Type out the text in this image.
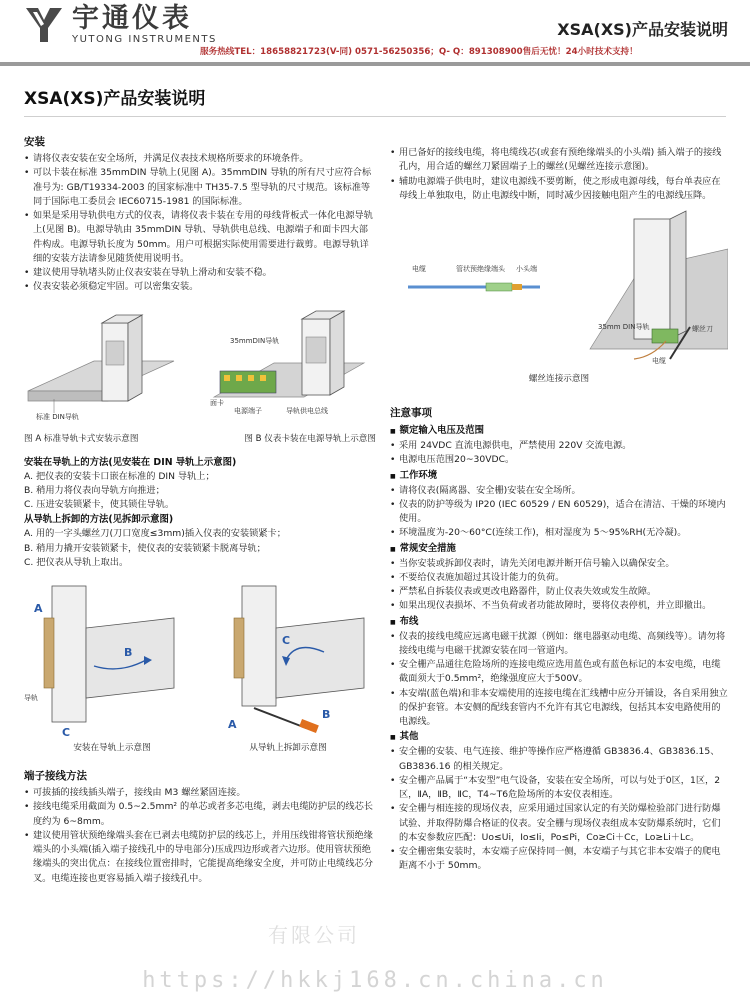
宇通仪表
YUTONG INSTRUMENTS
服务热线TEL：18658821723(V-同) 0571-56250356；Q- Q：891308900售后无忧！24小时技术支持！
XSA(XS)产品安装说明
XSA(XS)产品安装说明
安装
• 请将仪表安装在安全场所，并满足仪表技术规格所要求的环境条件。
• 可以卡装在标准 35mmDIN 导轨上(见图 A)。35mmDIN 导轨的所有尺寸应符合标准号为: GB/T19334-2003 的国家标准中 TH35-7.5 型导轨的尺寸规范。该标准等同于国际电工委员会 IEC60715-1981 的国际标准。
• 如果是采用导轨供电方式的仪表，请将仪表卡装在专用的母线背板式一体化电源导轨上(见图 B)。电源导轨由 35mmDIN 导轨、导轨供电总线、电源端子和面卡四大部件构成。电源导轨长度为 50mm。用户可根据实际使用需要进行裁剪。电源导轨详细的安装方法请参见随货使用说明书。
• 建议使用导轨堵头防止仪表安装在导轨上滑动和安装不稳。
• 仪表安装必须稳定牢固。可以密集安装。
标准 DIN导轨
35mmDIN导轨
电源端子
面卡
导轨供电总线
图 A 标准导轨卡式安装示意图	图 B 仪表卡装在电源导轨上示意图
安装在导轨上的方法(见安装在 DIN 导轨上示意图)
A. 把仪表的安装卡口嵌在标准的 DIN 导轨上；
B. 稍用力将仪表向导轨方向推进；
C. 压进安装锁紧卡，使其锁住导轨。
从导轨上拆卸的方法(见拆卸示意图)
A. 用的一字头螺丝刀(刀口宽度≤3mm)插入仪表的安装锁紧卡；
B. 稍用力撬开安装锁紧卡，使仪表的安装锁紧卡脱离导轨；
C. 把仪表从导轨上取出。
A
B
C
导轨
C
A
B
安装在导轨上示意图	从导轨上拆卸示意图
端子接线方法
• 可拔插的接线插头端子，接线由 M3 螺丝紧固连接。
• 接线电缆采用截面为 0.5~2.5mm² 的单芯或者多芯电缆，剥去电缆防护层的线芯长度约为 6~8mm。
• 建议使用管状预绝缘端头套在已剥去电缆防护层的线芯上，并用压线钳将管状预绝缘端头的小头端(插入端子接线孔中的导电部分)压成四边形或者六边形。使用管状预绝缘端头的突出优点：在接线位置密排时，它能提高绝缘安全度，并可防止电缆线芯分叉。电缆连接也更容易插入端子接线孔中。
• 用已备好的接线电缆，将电缆线芯(或套有预绝缘端头的小头端) 插入端子的接线孔内，用合适的螺丝刀紧固端子上的螺丝(见螺丝连接示意图)。
• 辅助电源端子供电时，建议电源线不要剪断，使之形成电源母线，每台单表应在母线上单独取电，防止电源线中断，同时减少因接触电阻产生的电源线压降。
电缆	管状预绝缘端头 小头端
35mm DIN导轨	螺丝刀
电缆
螺丝连接示意图
注意事项
■ 额定输入电压及范围
• 采用 24VDC 直流电源供电，严禁使用 220V 交流电源。
• 电源电压范围20~30VDC。
■ 工作环境
• 请将仪表(隔离器、安全栅)安装在安全场所。
• 仪表的防护等级为 IP20 (IEC 60529 / EN 60529)，适合在清洁、干燥的环境内使用。
• 环境温度为-20～60°C(连续工作)，相对湿度为 5～95%RH(无冷凝)。
■ 常规安全措施
• 当你安装或拆卸仪表时，请先关闭电源并断开信号输入以确保安全。
• 不要给仪表施加超过其设计能力的负荷。
• 严禁私自拆装仪表或更改电路器件，防止仪表失效或发生故障。
• 如果出现仪表损坏、不当负荷或者功能故障时，要将仪表停机，并立即撤出。
■ 布线
• 仪表的接线电缆应远离电磁干扰源（例如：继电器驱动电缆、高频线等）。请勿将接线电缆与电磁干扰源安装在同一管道内。
• 安全栅产品通往危险场所的连接电缆应选用蓝色或有蓝色标记的本安电缆，电缆截面须大于0.5mm²，绝缘强度应大于500V。
• 本安端(蓝色端)和非本安端使用的连接电缆在汇线槽中应分开铺设，各自采用独立的保护套管。本安侧的配线套管内不允许有其它电源线，包括其本安电路使用的电源线。
■ 其他
• 安全栅的安装、电气连接、维护等操作应严格遵循 GB3836.4、GB3836.15、GB3836.16 的相关规定。
• 安全栅产品属于“本安型”电气设备，安装在安全场所，可以与处于0区，1区，2区，ⅡA，ⅡB，ⅡC，T4~T6危险场所的本安仪表相连。
• 安全栅与相连接的现场仪表，应采用通过国家认定的有关防爆检验部门进行防爆试验、并取得防爆合格证的仪表。安全栅与现场仪表组成本安防爆系统时，它们的本安参数应匹配：Uo≤Ui，Io≤Ii，Po≤Pi，Co≥Ci＋Cc，Lo≥Li＋Lc。
• 安全栅密集安装时，本安端子应保持同一侧，本安端子与其它非本安端子的爬电距离不小于 50mm。
有限公司
https://hkkj168.cn.china.cn
